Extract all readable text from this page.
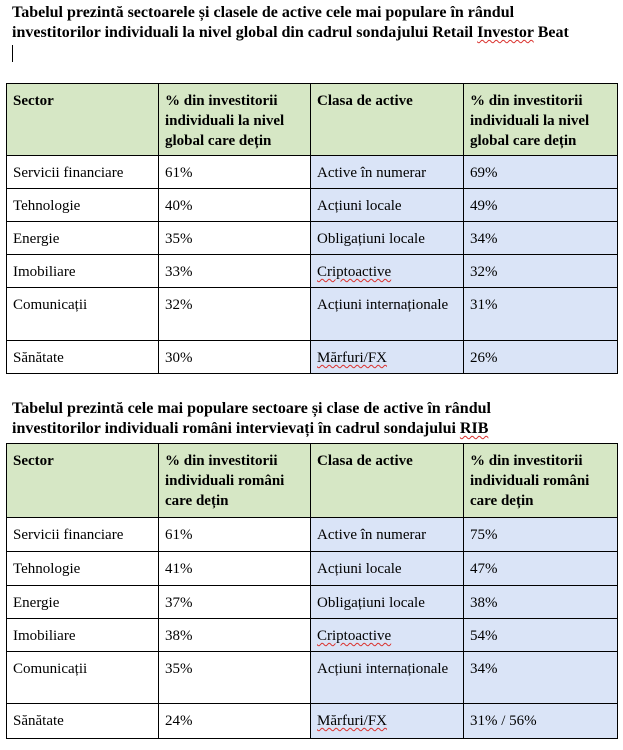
Tabelul prezintă sectoarele și clasele de active cele mai populare în rândul
investitorilor individuali la nivel global din cadrul sondajului Retail Investor Beat
Sector	% din investitorii individuali la nivel global care dețin	Clasa de active	% din investitorii individuali la nivel global care dețin
Servicii financiare	61%	Active în numerar	69%
Tehnologie	40%	Acțiuni locale	49%
Energie	35%	Obligațiuni locale	34%
Imobiliare	33%	Criptoactive	32%
Comunicații	32%	Acțiuni internaționale	31%
Sănătate	30%	Mărfuri/FX	26%
Tabelul prezintă cele mai populare sectoare și clase de active în rândul
investitorilor individuali români intervievați în cadrul sondajului RIB
Sector	% din investitorii individuali români care dețin	Clasa de active	% din investitorii individuali români care dețin
Servicii financiare	61%	Active în numerar	75%
Tehnologie	41%	Acțiuni locale	47%
Energie	37%	Obligațiuni locale	38%
Imobiliare	38%	Criptoactive	54%
Comunicații	35%	Acțiuni internaționale	34%
Sănătate	24%	Mărfuri/FX	31% / 56%
